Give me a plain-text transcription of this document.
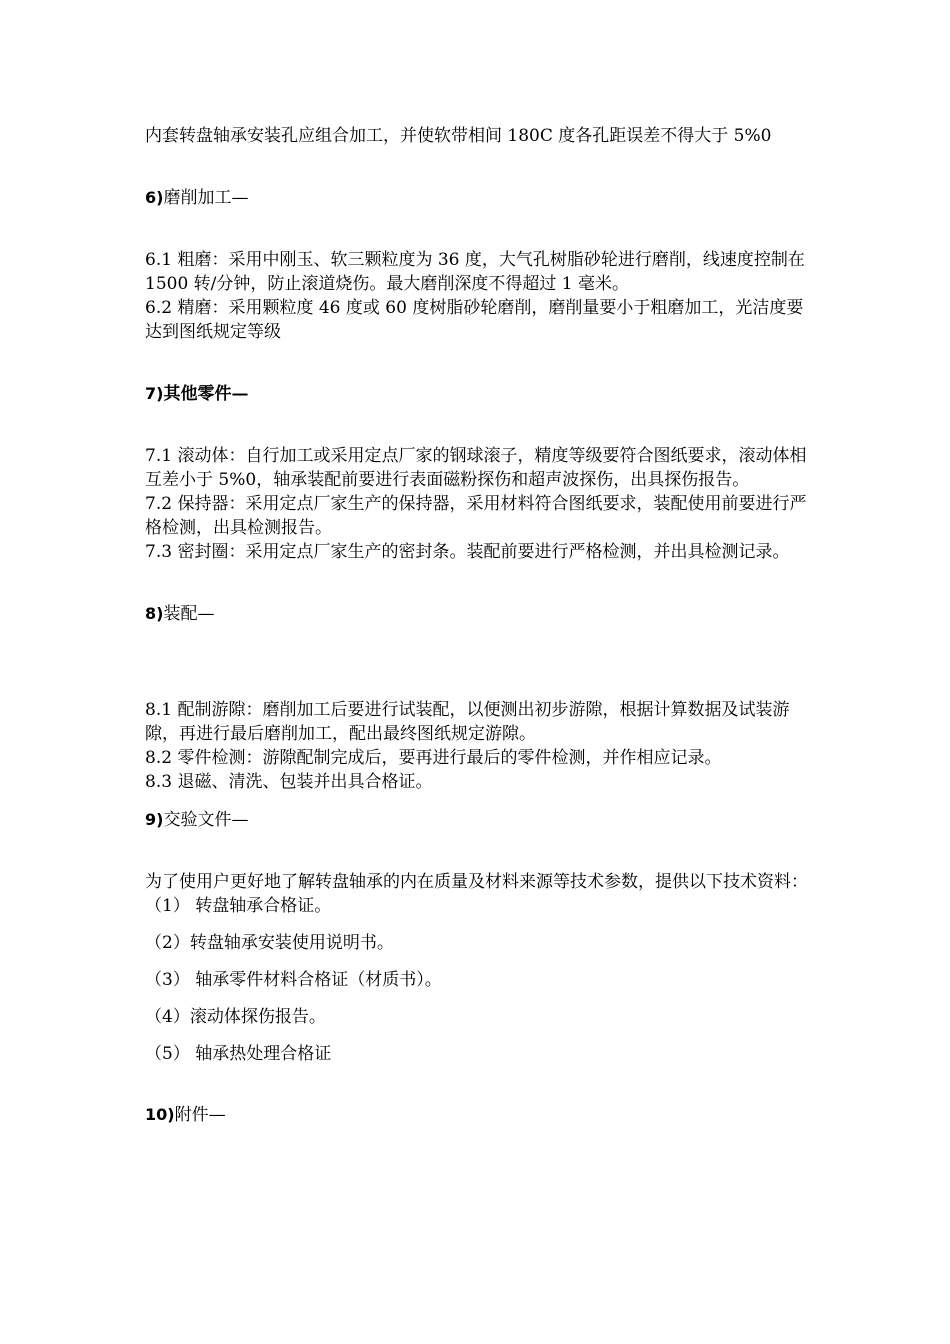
内套转盘轴承安装孔应组合加工，并使软带相间 180C 度各孔距误差不得大于 5%0

6)磨削加工—

6.1 粗磨：采用中刚玉、软三颗粒度为 36 度，大气孔树脂砂轮进行磨削，线速度控制在 1500 转/分钟，防止滚道烧伤。最大磨削深度不得超过 1 毫米。

6.2 精磨：采用颗粒度 46 度或 60 度树脂砂轮磨削，磨削量要小于粗磨加工，光洁度要达到图纸规定等级

7)其他零件—

7.1 滚动体：自行加工或采用定点厂家的钢球滚子，精度等级要符合图纸要求，滚动体相互差小于 5%0，轴承装配前要进行表面磁粉探伤和超声波探伤，出具探伤报告。

7.2 保持器：采用定点厂家生产的保持器，采用材料符合图纸要求，装配使用前要进行严格检测，出具检测报告。

7.3 密封圈：采用定点厂家生产的密封条。装配前要进行严格检测，并出具检测记录。

8)装配—

8.1 配制游隙：磨削加工后要进行试装配，以便测出初步游隙，根据计算数据及试装游隙，再进行最后磨削加工，配出最终图纸规定游隙。

8.2 零件检测：游隙配制完成后，要再进行最后的零件检测，并作相应记录。

8.3 退磁、清洗、包装并出具合格证。

9)交验文件—

为了使用户更好地了解转盘轴承的内在质量及材料来源等技术参数，提供以下技术资料：

（1） 转盘轴承合格证。

（2）转盘轴承安装使用说明书。

（3） 轴承零件材料合格证（材质书）。

（4）滚动体探伤报告。

（5） 轴承热处理合格证

10)附件—
